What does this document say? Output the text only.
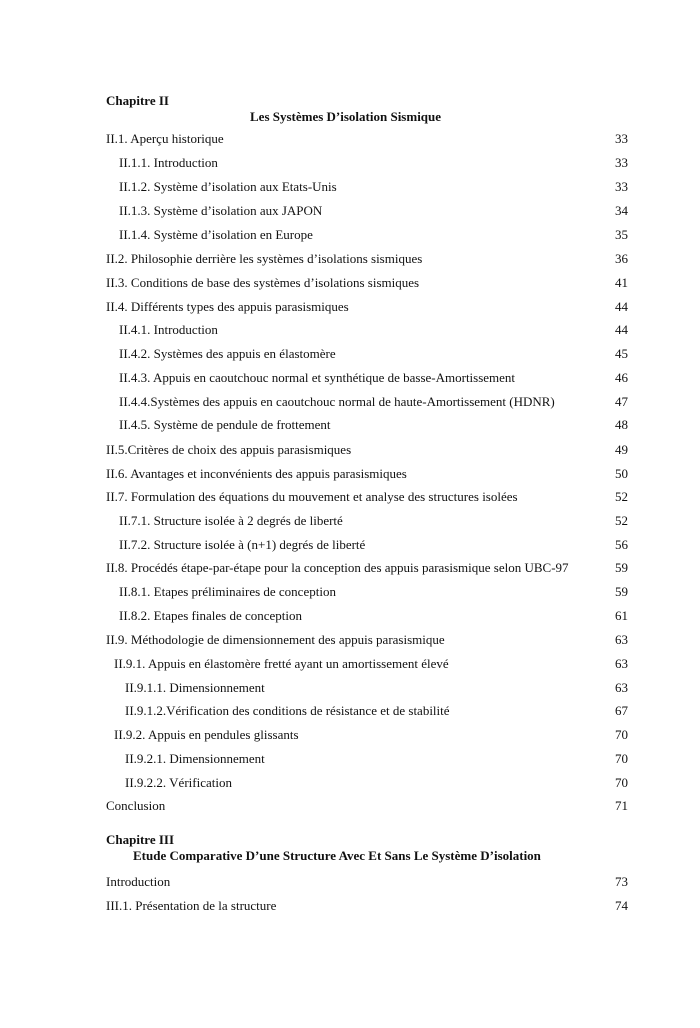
Chapitre II
Les Systèmes D’isolation Sismique
II.1. Aperçu historique	33
II.1.1. Introduction	33
II.1.2. Système d’isolation aux Etats-Unis	33
II.1.3. Système d’isolation aux JAPON	34
II.1.4. Système d’isolation en Europe	35
II.2. Philosophie derrière les systèmes d’isolations sismiques	36
II.3. Conditions de base des systèmes d’isolations sismiques	41
II.4. Différents types des appuis parasismiques	44
II.4.1. Introduction	44
II.4.2. Systèmes des appuis en élastomère	45
II.4.3. Appuis en caoutchouc normal et synthétique de basse-Amortissement	46
II.4.4.Systèmes des appuis en caoutchouc normal de haute-Amortissement (HDNR)	47
II.4.5. Système de pendule de frottement	48
II.5.Critères de choix des appuis parasismiques	49
II.6. Avantages et inconvénients des appuis parasismiques	50
II.7. Formulation des équations du mouvement et analyse des structures isolées	52
II.7.1. Structure isolée à 2 degrés de liberté	52
II.7.2. Structure isolée à (n+1) degrés de liberté	56
II.8. Procédés étape-par-étape pour la conception des appuis parasismique selon UBC-97	59
II.8.1. Etapes préliminaires de conception	59
II.8.2. Etapes finales de conception	61
II.9. Méthodologie de dimensionnement des appuis parasismique	63
II.9.1. Appuis en élastomère fretté ayant un amortissement élevé	63
II.9.1.1. Dimensionnement	63
II.9.1.2.Vérification des conditions de résistance et de stabilité	67
II.9.2. Appuis en pendules glissants	70
II.9.2.1. Dimensionnement	70
II.9.2.2. Vérification	70
Conclusion	71
Chapitre III
Etude Comparative D’une Structure Avec Et Sans Le Système D’isolation
Introduction	73
III.1. Présentation de la structure	74
